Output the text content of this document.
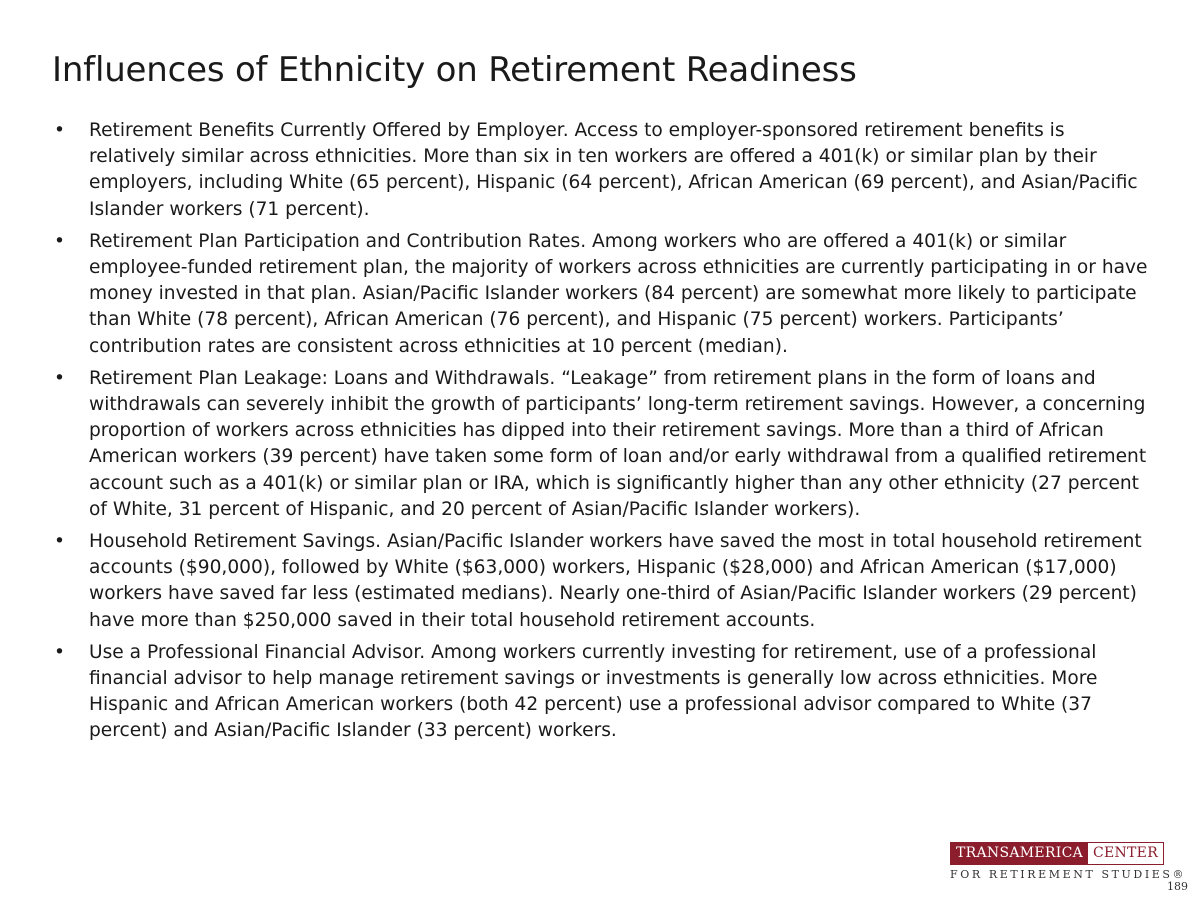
Influences of Ethnicity on Retirement Readiness
• Retirement Benefits Currently Offered by Employer. Access to employer-sponsored retirement benefits is relatively similar across ethnicities. More than six in ten workers are offered a 401(k) or similar plan by their employers, including White (65 percent), Hispanic (64 percent), African American (69 percent), and Asian/Pacific Islander workers (71 percent).
• Retirement Plan Participation and Contribution Rates. Among workers who are offered a 401(k) or similar employee-funded retirement plan, the majority of workers across ethnicities are currently participating in or have money invested in that plan. Asian/Pacific Islander workers (84 percent) are somewhat more likely to participate than White (78 percent), African American (76 percent), and Hispanic (75 percent) workers. Participants’ contribution rates are consistent across ethnicities at 10 percent (median).
• Retirement Plan Leakage: Loans and Withdrawals. “Leakage” from retirement plans in the form of loans and withdrawals can severely inhibit the growth of participants’ long-term retirement savings. However, a concerning proportion of workers across ethnicities has dipped into their retirement savings. More than a third of African American workers (39 percent) have taken some form of loan and/or early withdrawal from a qualified retirement account such as a 401(k) or similar plan or IRA, which is significantly higher than any other ethnicity (27 percent of White, 31 percent of Hispanic, and 20 percent of Asian/Pacific Islander workers).
• Household Retirement Savings. Asian/Pacific Islander workers have saved the most in total household retirement accounts ($90,000), followed by White ($63,000) workers, Hispanic ($28,000) and African American ($17,000) workers have saved far less (estimated medians). Nearly one-third of Asian/Pacific Islander workers (29 percent) have more than $250,000 saved in their total household retirement accounts.
• Use a Professional Financial Advisor. Among workers currently investing for retirement, use of a professional financial advisor to help manage retirement savings or investments is generally low across ethnicities. More Hispanic and African American workers (both 42 percent) use a professional advisor compared to White (37 percent) and Asian/Pacific Islander (33 percent) workers.
TRANSAMERICA CENTER
FOR RETIREMENT STUDIES®
189
